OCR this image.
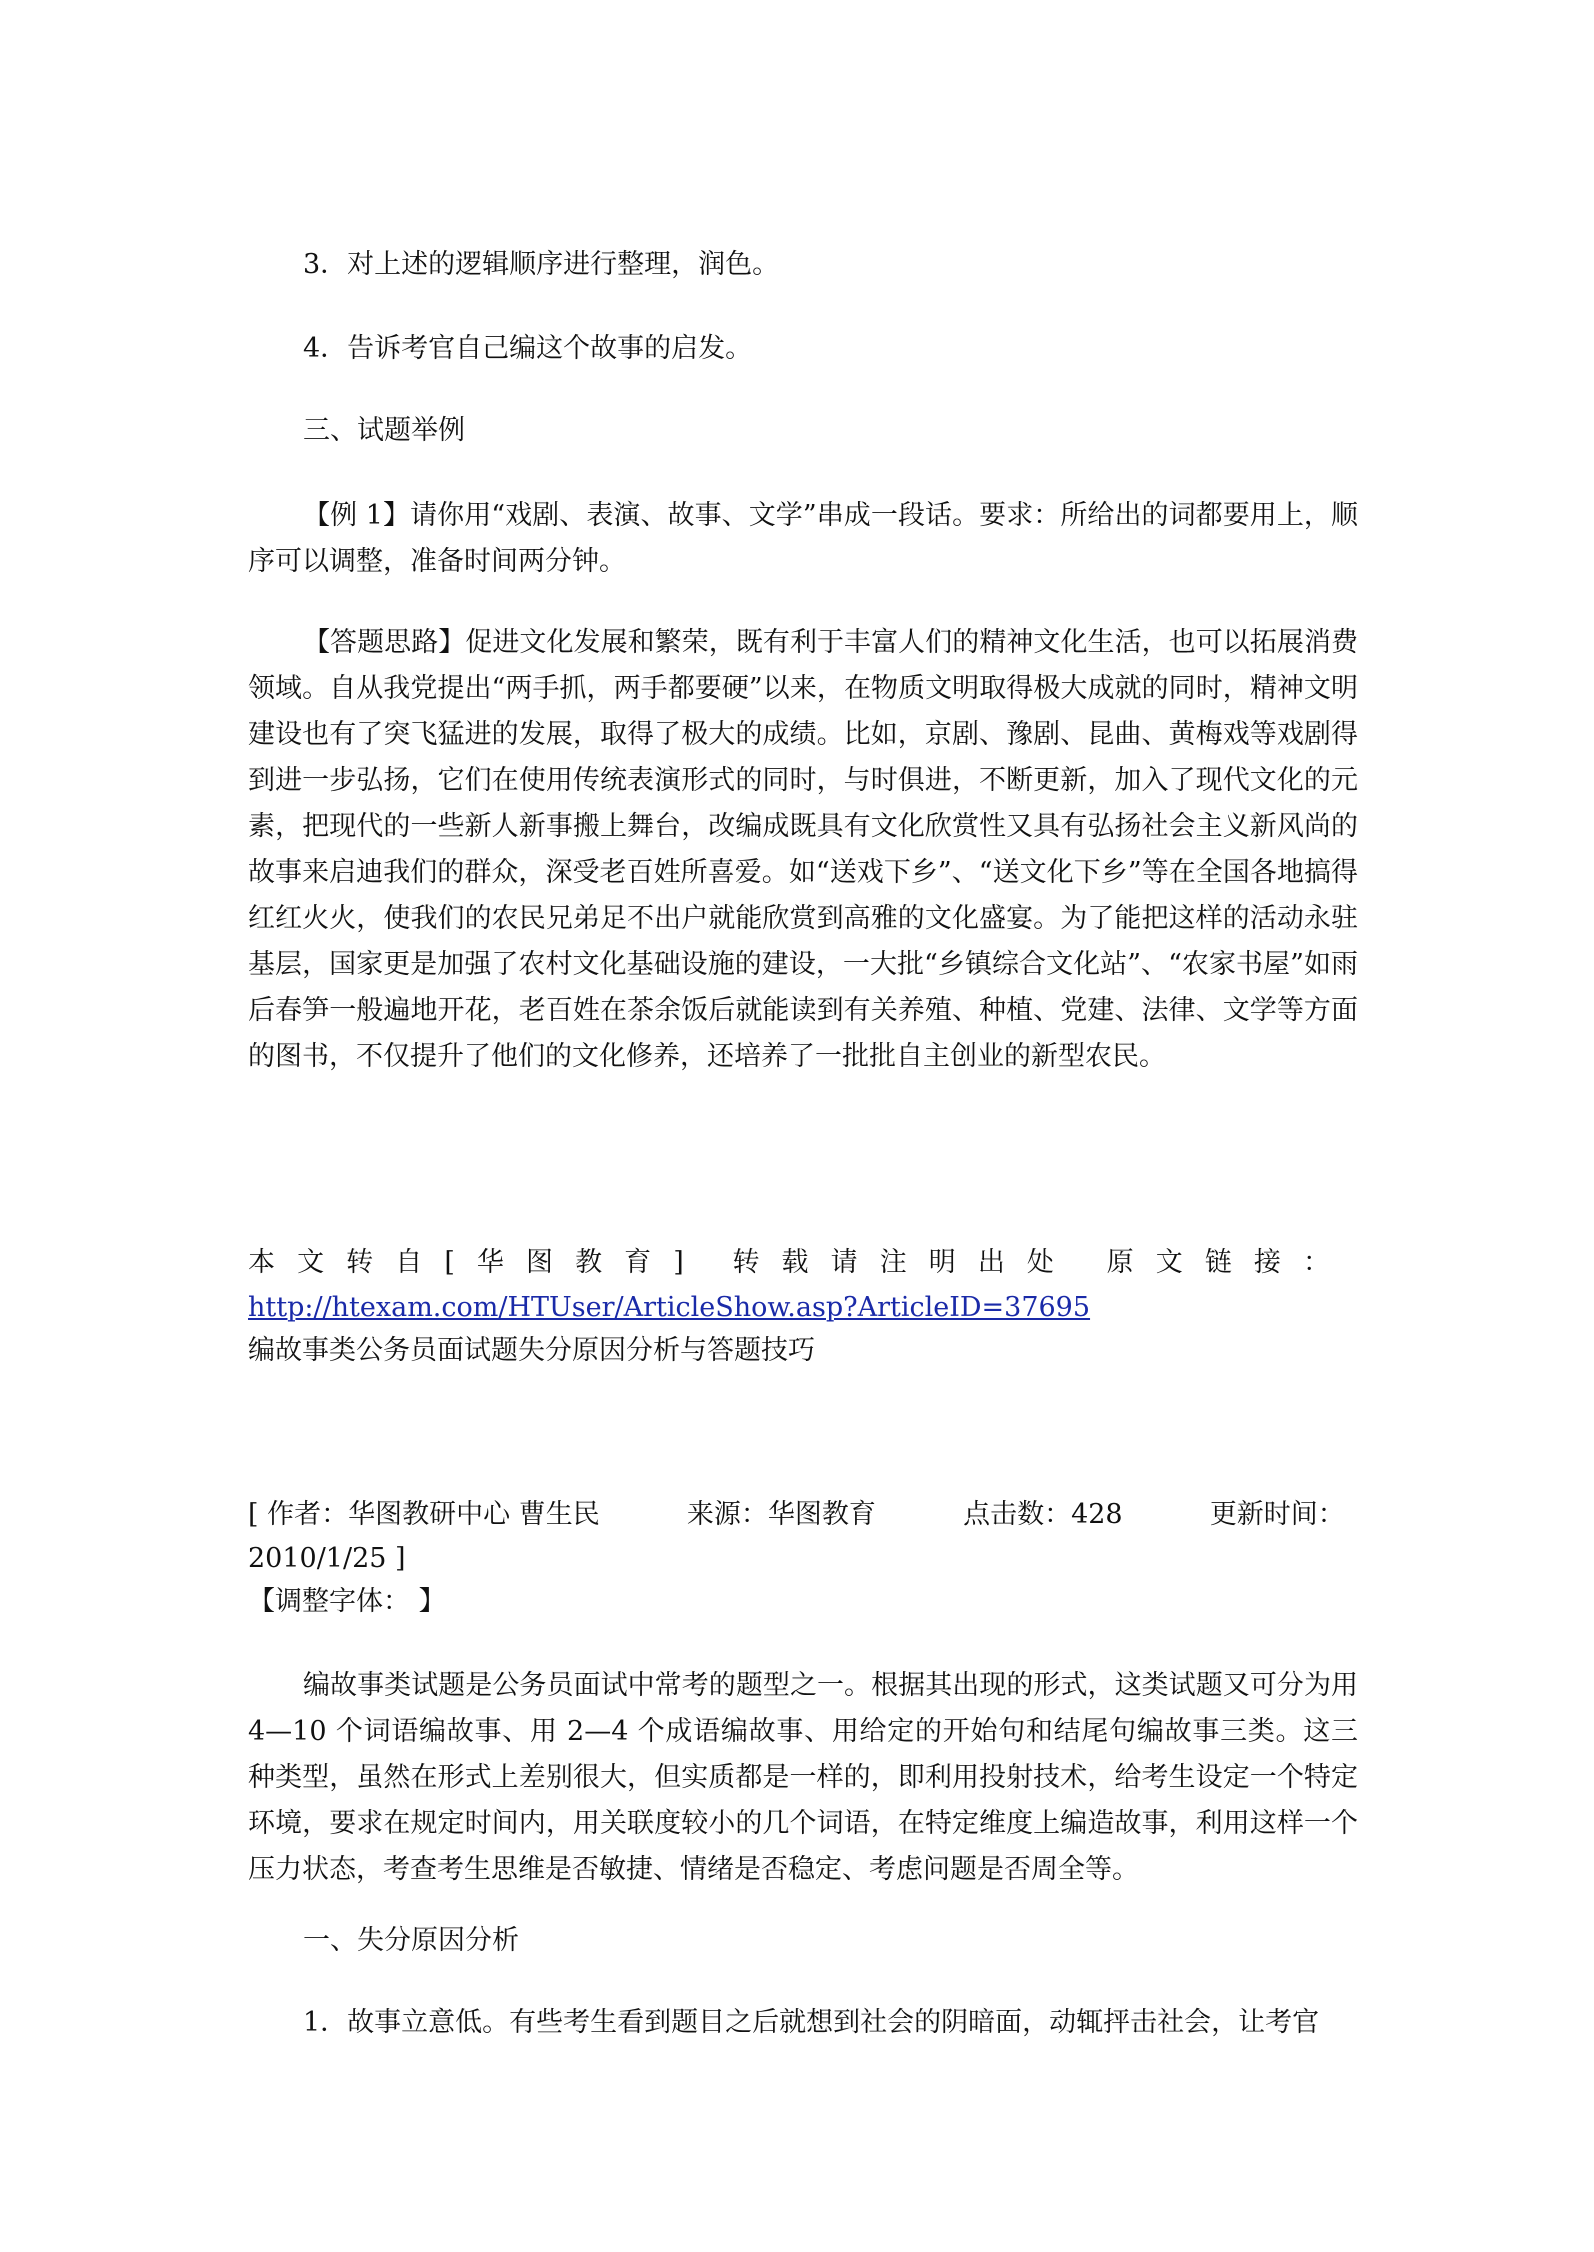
3．对上述的逻辑顺序进行整理，润色。

4．告诉考官自己编这个故事的启发。

三、试题举例

【例 1】请你用“戏剧、表演、故事、文学”串成一段话。要求：所给出的词都要用上，顺序可以调整，准备时间两分钟。

【答题思路】促进文化发展和繁荣，既有利于丰富人们的精神文化生活，也可以拓展消费领域。自从我党提出“两手抓，两手都要硬”以来，在物质文明取得极大成就的同时，精神文明建设也有了突飞猛进的发展，取得了极大的成绩。比如，京剧、豫剧、昆曲、黄梅戏等戏剧得到进一步弘扬，它们在使用传统表演形式的同时，与时俱进，不断更新，加入了现代文化的元素，把现代的一些新人新事搬上舞台，改编成既具有文化欣赏性又具有弘扬社会主义新风尚的故事来启迪我们的群众，深受老百姓所喜爱。如“送戏下乡”、“送文化下乡”等在全国各地搞得红红火火，使我们的农民兄弟足不出户就能欣赏到高雅的文化盛宴。为了能把这样的活动永驻基层，国家更是加强了农村文化基础设施的建设，一大批“乡镇综合文化站”、“农家书屋”如雨后春笋一般遍地开花，老百姓在茶余饭后就能读到有关养殖、种植、党建、法律、文学等方面的图书，不仅提升了他们的文化修养，还培养了一批批自主创业的新型农民。

本文转自[华图教育] 转载请注明出处 原文链接：

http://htexam.com/HTUser/ArticleShow.asp?ArticleID=37695

编故事类公务员面试题失分原因分析与答题技巧

[ 作者：华图教研中心 曹生民	来源：华图教育	点击数：428	更新时间：
2010/1/25 ]
【调整字体： 】

编故事类试题是公务员面试中常考的题型之一。根据其出现的形式，这类试题又可分为用 4—10 个词语编故事、用 2—4 个成语编故事、用给定的开始句和结尾句编故事三类。这三种类型，虽然在形式上差别很大，但实质都是一样的，即利用投射技术，给考生设定一个特定环境，要求在规定时间内，用关联度较小的几个词语，在特定维度上编造故事，利用这样一个压力状态，考查考生思维是否敏捷、情绪是否稳定、考虑问题是否周全等。

一、失分原因分析

1．故事立意低。有些考生看到题目之后就想到社会的阴暗面，动辄抨击社会，让考官
